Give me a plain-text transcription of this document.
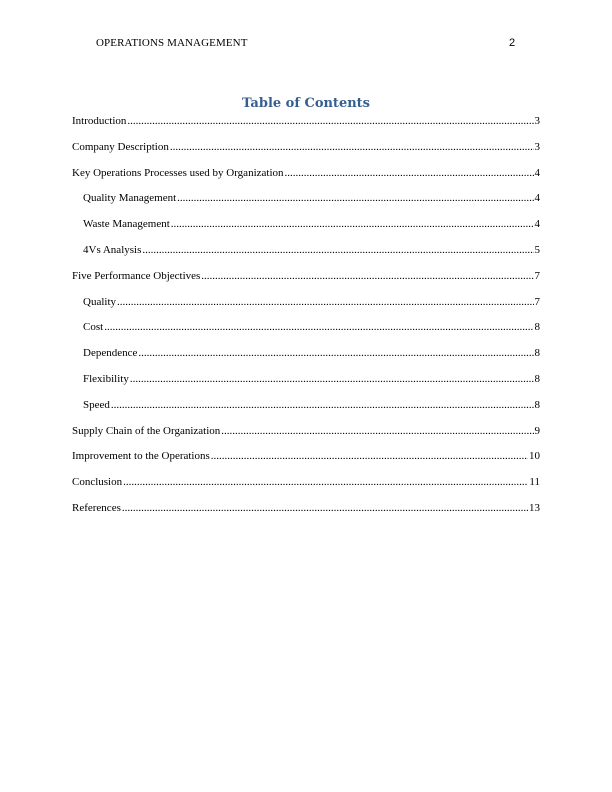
OPERATIONS MANAGEMENT	2
Table of Contents
Introduction .....	3
Company Description .....	3
Key Operations Processes used by Organization .....	4
Quality Management .....	4
Waste Management .....	4
4Vs Analysis .....	5
Five Performance Objectives .....	7
Quality .....	7
Cost .....	8
Dependence .....	8
Flexibility .....	8
Speed .....	8
Supply Chain of the Organization .....	9
Improvement to the Operations .....	10
Conclusion .....	11
References .....	13
